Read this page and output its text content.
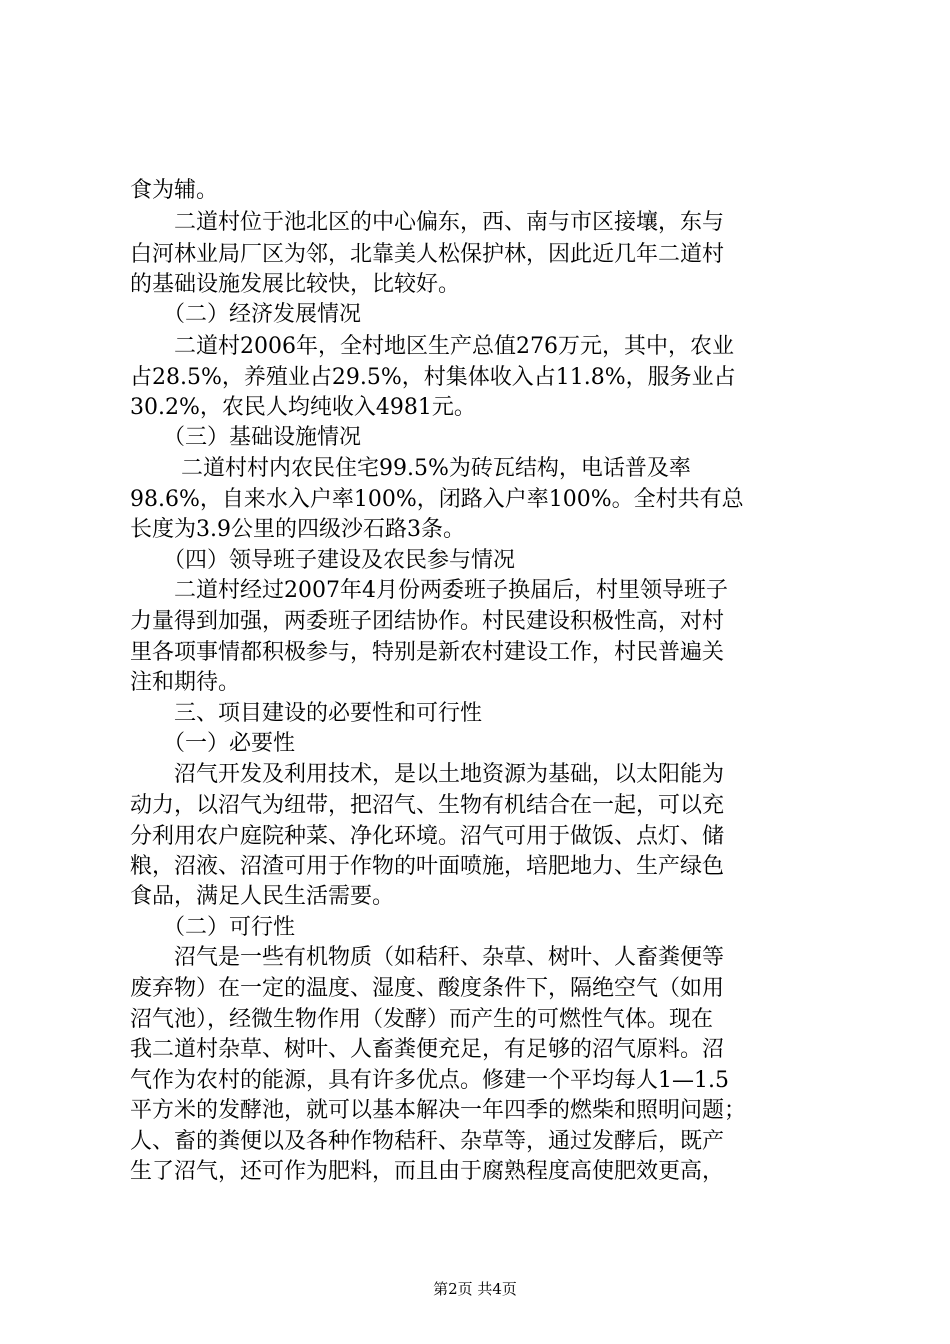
食为辅。
　　二道村位于池北区的中心偏东，西、南与市区接壤，东与
白河林业局厂区为邻，北靠美人松保护林，因此近几年二道村
的基础设施发展比较快，比较好。
　　（二）经济发展情况
　　二道村2006年，全村地区生产总值276万元，其中，农业
占28.5%，养殖业占29.5%，村集体收入占11.8%，服务业占
30.2%，农民人均纯收入4981元。
　　（三）基础设施情况
　　 二道村村内农民住宅99.5%为砖瓦结构，电话普及率
98.6%，自来水入户率100%，闭路入户率100%。全村共有总
长度为3.9公里的四级沙石路3条。
　　（四）领导班子建设及农民参与情况
　　二道村经过2007年4月份两委班子换届后，村里领导班子
力量得到加强，两委班子团结协作。村民建设积极性高，对村
里各项事情都积极参与，特别是新农村建设工作，村民普遍关
注和期待。
　　三、项目建设的必要性和可行性
　　（一）必要性
　　沼气开发及利用技术，是以土地资源为基础，以太阳能为
动力，以沼气为纽带，把沼气、生物有机结合在一起，可以充
分利用农户庭院种菜、净化环境。沼气可用于做饭、点灯、储
粮，沼液、沼渣可用于作物的叶面喷施，培肥地力、生产绿色
食品，满足人民生活需要。
　　（二）可行性
　　沼气是一些有机物质（如秸秆、杂草、树叶、人畜粪便等
废弃物）在一定的温度、湿度、酸度条件下，隔绝空气（如用
沼气池），经微生物作用（发酵）而产生的可燃性气体。现在
我二道村杂草、树叶、人畜粪便充足，有足够的沼气原料。沼
气作为农村的能源，具有许多优点。修建一个平均每人1—1.5
平方米的发酵池，就可以基本解决一年四季的燃柴和照明问题；
人、畜的粪便以及各种作物秸秆、杂草等，通过发酵后，既产
生了沼气，还可作为肥料，而且由于腐熟程度高使肥效更高，
第2页 共4页
